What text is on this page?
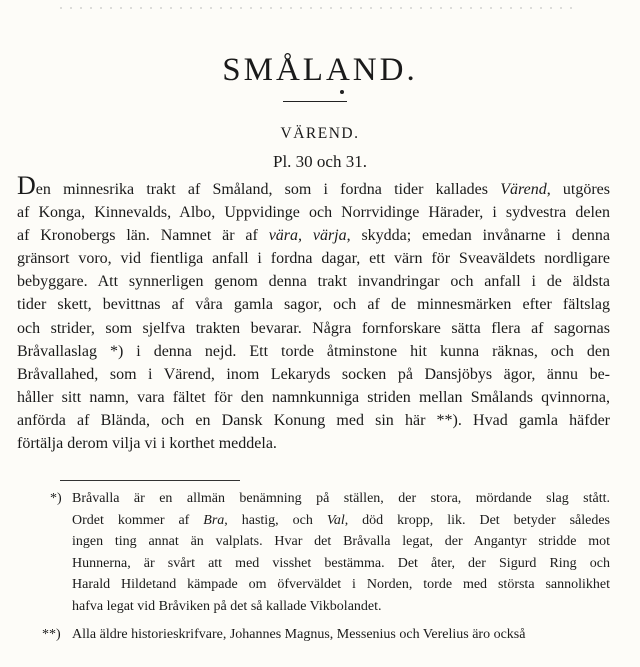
SMÅLAND.
VÄREND.
Pl. 30 och 31.
Den minnesrika trakt af Småland, som i fordna tider kallades Värend, utgöres
af Konga, Kinnevalds, Albo, Uppvidinge och Norrvidinge Härader, i sydvestra delen
af Kronobergs län. Namnet är af vära, värja, skydda; emedan invånarne i denna
gränsort voro, vid fientliga anfall i fordna dagar, ett värn för Sveaväldets nordligare
bebyggare. Att synnerligen genom denna trakt invandringar och anfall i de äldsta
tider skett, bevittnas af våra gamla sagor, och af de minnesmärken efter fältslag
och strider, som sjelfva trakten bevarar. Några fornforskare sätta flera af sagornas
Bråvallaslag *) i denna nejd. Ett torde åtminstone hit kunna räknas, och den
Bråvallahed, som i Värend, inom Lekaryds socken på Dansjöbys ägor, ännu be-
håller sitt namn, vara fältet för den namnkunniga striden mellan Smålands qvinnorna,
anförda af Blända, och en Dansk Konung med sin här **). Hvad gamla häfder
förtälja derom vilja vi i korthet meddela.
*) Bråvalla är en allmän benämning på ställen, der stora, mördande slag stått.
Ordet kommer af Bra, hastig, och Val, död kropp, lik. Det betyder således
ingen ting annat än valplats. Hvar det Bråvalla legat, der Angantyr stridde mot
Hunnerna, är svårt att med visshet bestämma. Det åter, der Sigurd Ring och
Harald Hildetand kämpade om öfverväldet i Norden, torde med största sannolikhet
hafva legat vid Bråviken på det så kallade Vikbolandet.
**) Alla äldre historieskrifvare, Johannes Magnus, Messenius och Verelius äro också
